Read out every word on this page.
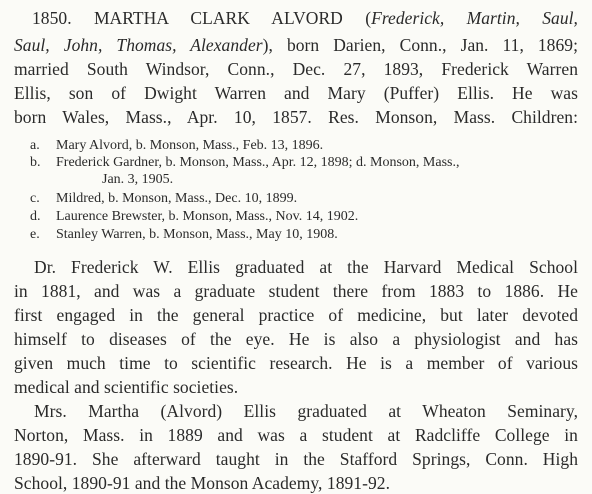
1850. MARTHA CLARK ALVORD (Frederick, Martin, Saul,
Saul, John, Thomas, Alexander), born Darien, Conn., Jan. 11, 1869;
married South Windsor, Conn., Dec. 27, 1893, Frederick Warren
Ellis, son of Dwight Warren and Mary (Puffer) Ellis. He was
born Wales, Mass., Apr. 10, 1857. Res. Monson, Mass. Children:
a. Mary Alvord, b. Monson, Mass., Feb. 13, 1896.
b. Frederick Gardner, b. Monson, Mass., Apr. 12, 1898; d. Monson, Mass.,
Jan. 3, 1905.
c. Mildred, b. Monson, Mass., Dec. 10, 1899.
d. Laurence Brewster, b. Monson, Mass., Nov. 14, 1902.
e. Stanley Warren, b. Monson, Mass., May 10, 1908.
Dr. Frederick W. Ellis graduated at the Harvard Medical School
in 1881, and was a graduate student there from 1883 to 1886. He
first engaged in the general practice of medicine, but later devoted
himself to diseases of the eye. He is also a physiologist and has
given much time to scientific research. He is a member of various
medical and scientific societies.
Mrs. Martha (Alvord) Ellis graduated at Wheaton Seminary,
Norton, Mass. in 1889 and was a student at Radcliffe College in
1890-91. She afterward taught in the Stafford Springs, Conn. High
School, 1890-91 and the Monson Academy, 1891-92.
